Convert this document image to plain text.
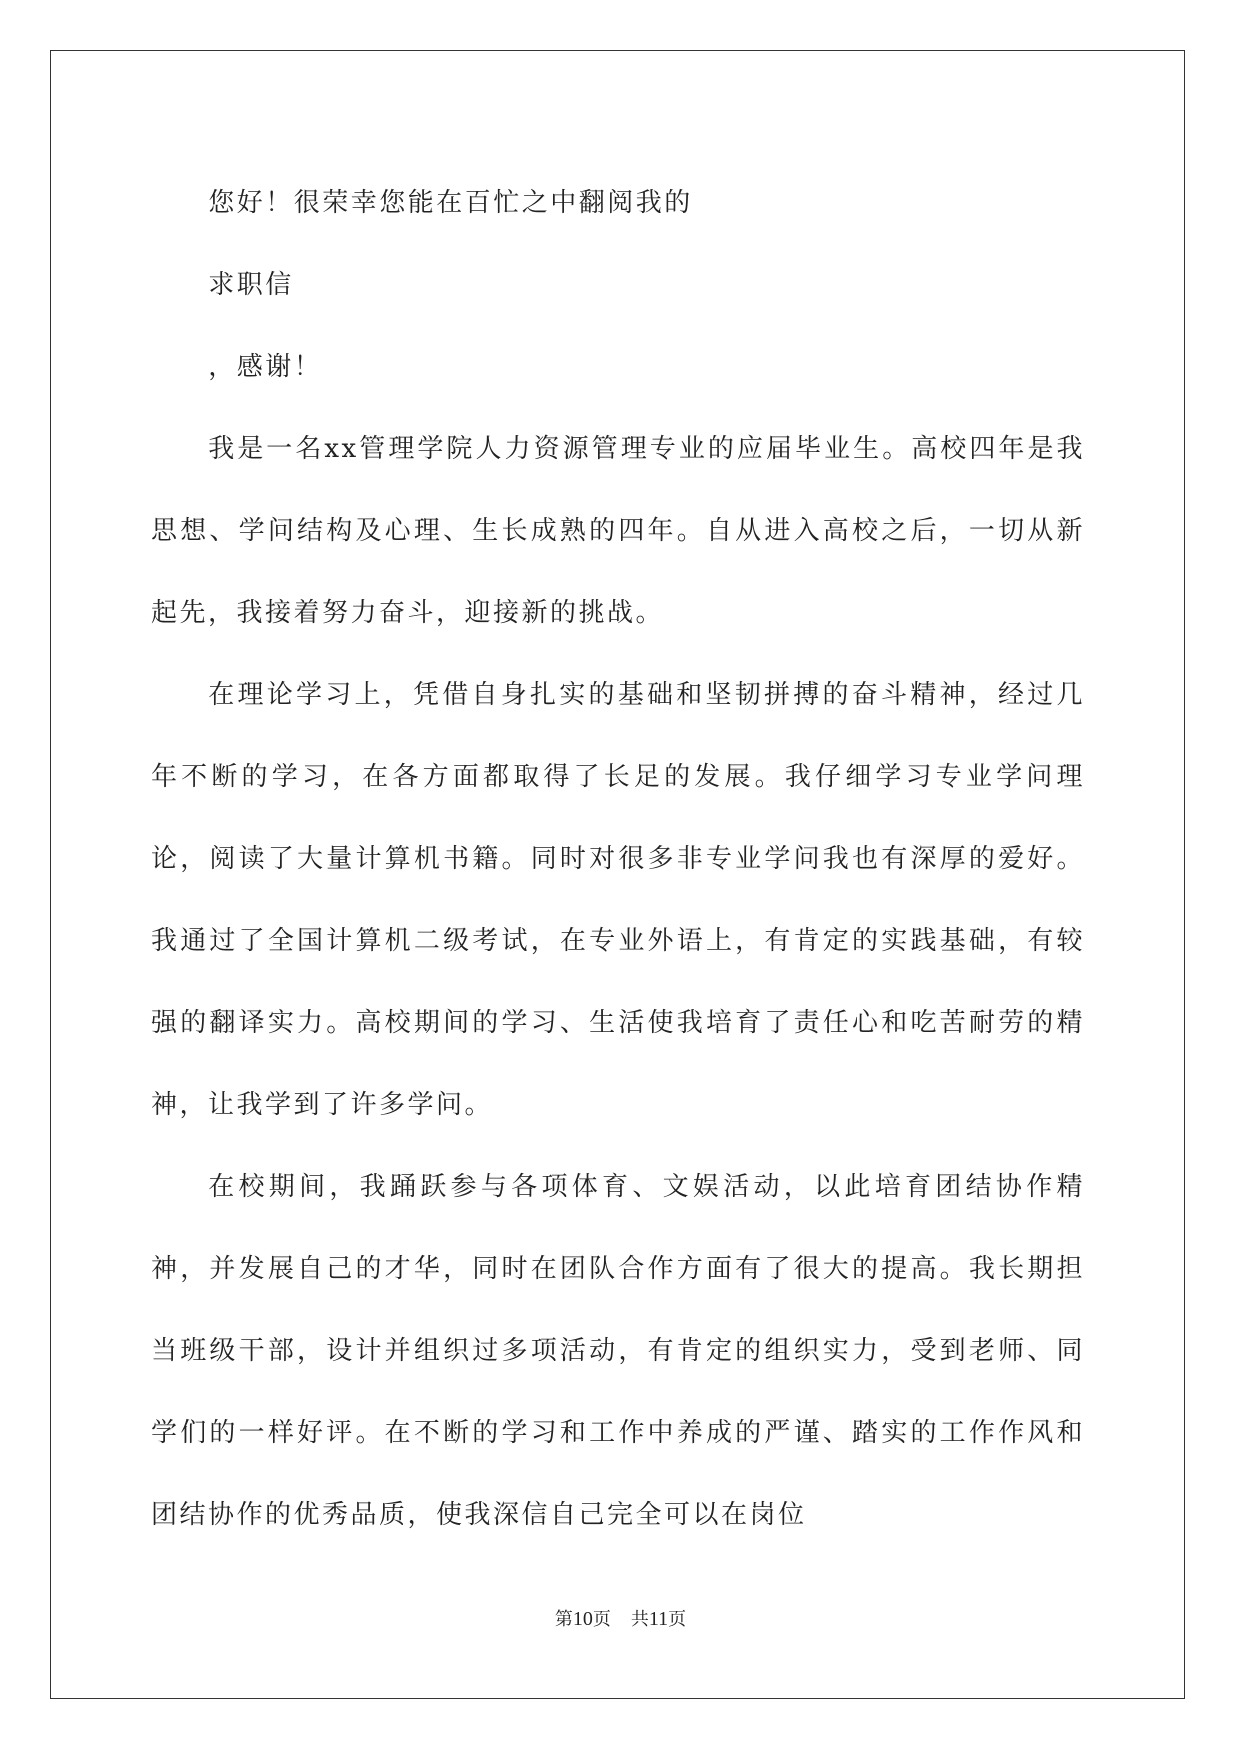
您好！很荣幸您能在百忙之中翻阅我的

求职信

，感谢！

我是一名xx管理学院人力资源管理专业的应届毕业生。高校四年是我思想、学问结构及心理、生长成熟的四年。自从进入高校之后，一切从新起先，我接着努力奋斗，迎接新的挑战。

在理论学习上，凭借自身扎实的基础和坚韧拼搏的奋斗精神，经过几年不断的学习，在各方面都取得了长足的发展。我仔细学习专业学问理论，阅读了大量计算机书籍。同时对很多非专业学问我也有深厚的爱好。我通过了全国计算机二级考试，在专业外语上，有肯定的实践基础，有较强的翻译实力。高校期间的学习、生活使我培育了责任心和吃苦耐劳的精神，让我学到了许多学问。

在校期间，我踊跃参与各项体育、文娱活动，以此培育团结协作精神，并发展自己的才华，同时在团队合作方面有了很大的提高。我长期担当班级干部，设计并组织过多项活动，有肯定的组织实力，受到老师、同学们的一样好评。在不断的学习和工作中养成的严谨、踏实的工作作风和团结协作的优秀品质，使我深信自己完全可以在岗位

第10页 共11页
